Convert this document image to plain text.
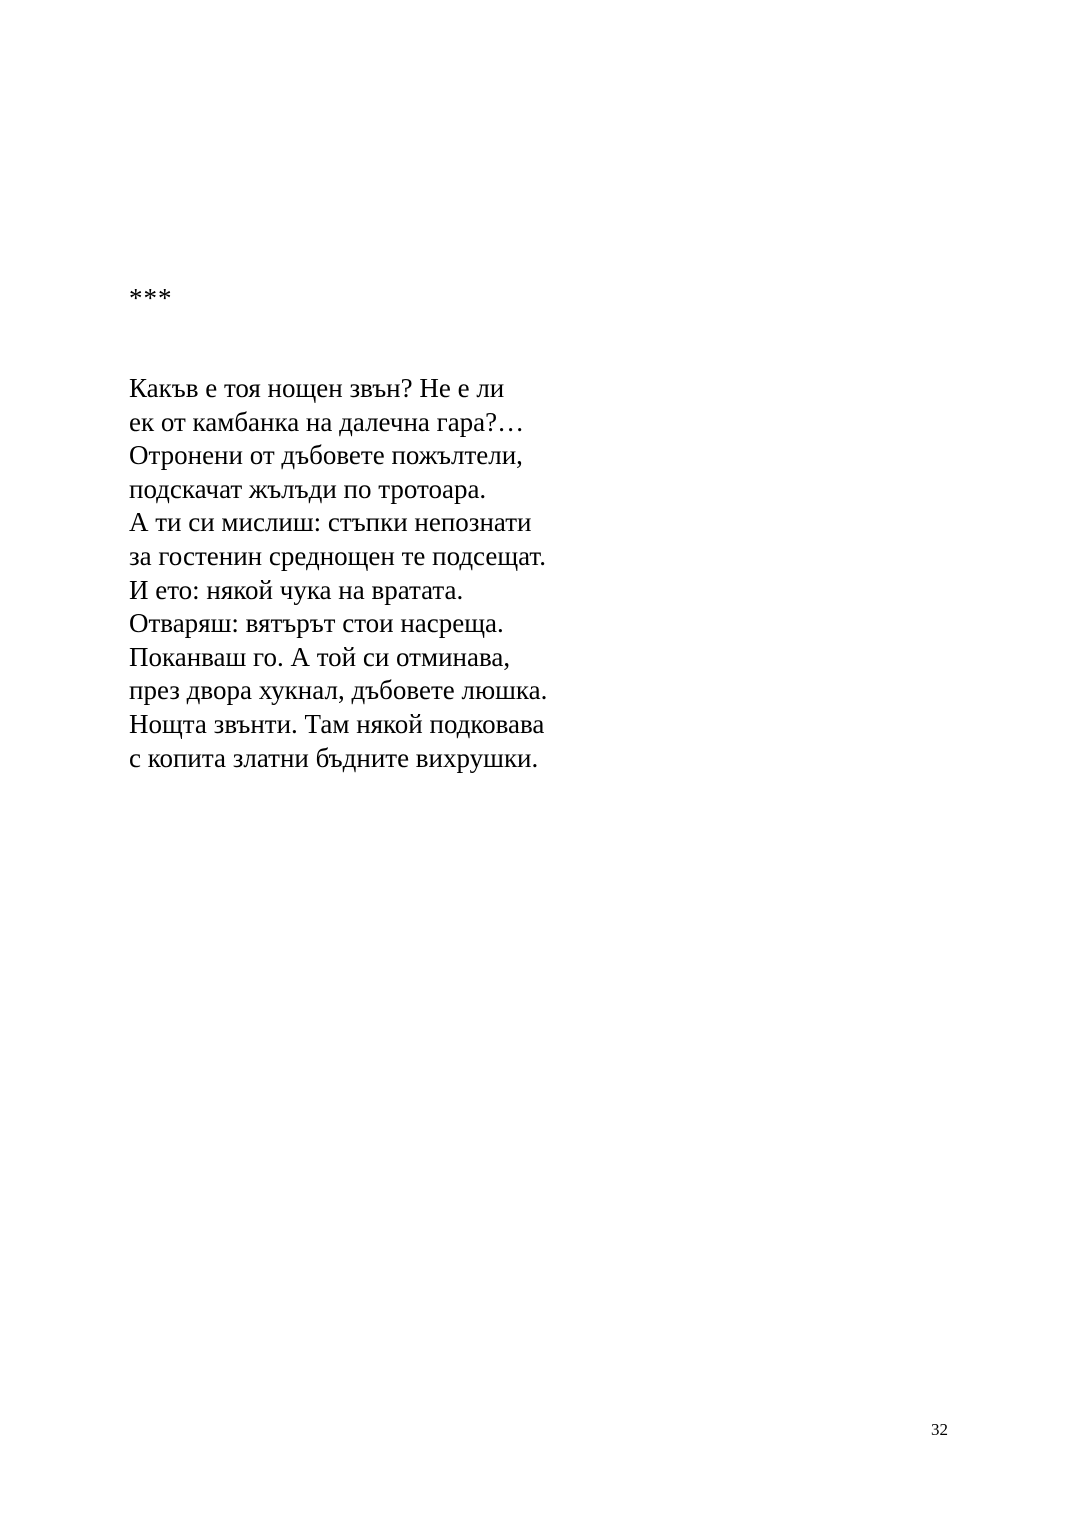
***
Какъв е тоя нощен звън? Не е ли
ек от камбанка на далечна гара?…
Отронени от дъбовете пожълтели,
подскачат жълъди по тротоара.
А ти си мислиш: стъпки непознати
за гостенин среднощен те подсещат.
И ето: някой чука на вратата.
Отваряш: вятърът стои насреща.
Поканваш го. А той си отминава,
през двора хукнал, дъбовете люшка.
Нощта звънти. Там някой подковава
с копита златни бъдните вихрушки.
32
